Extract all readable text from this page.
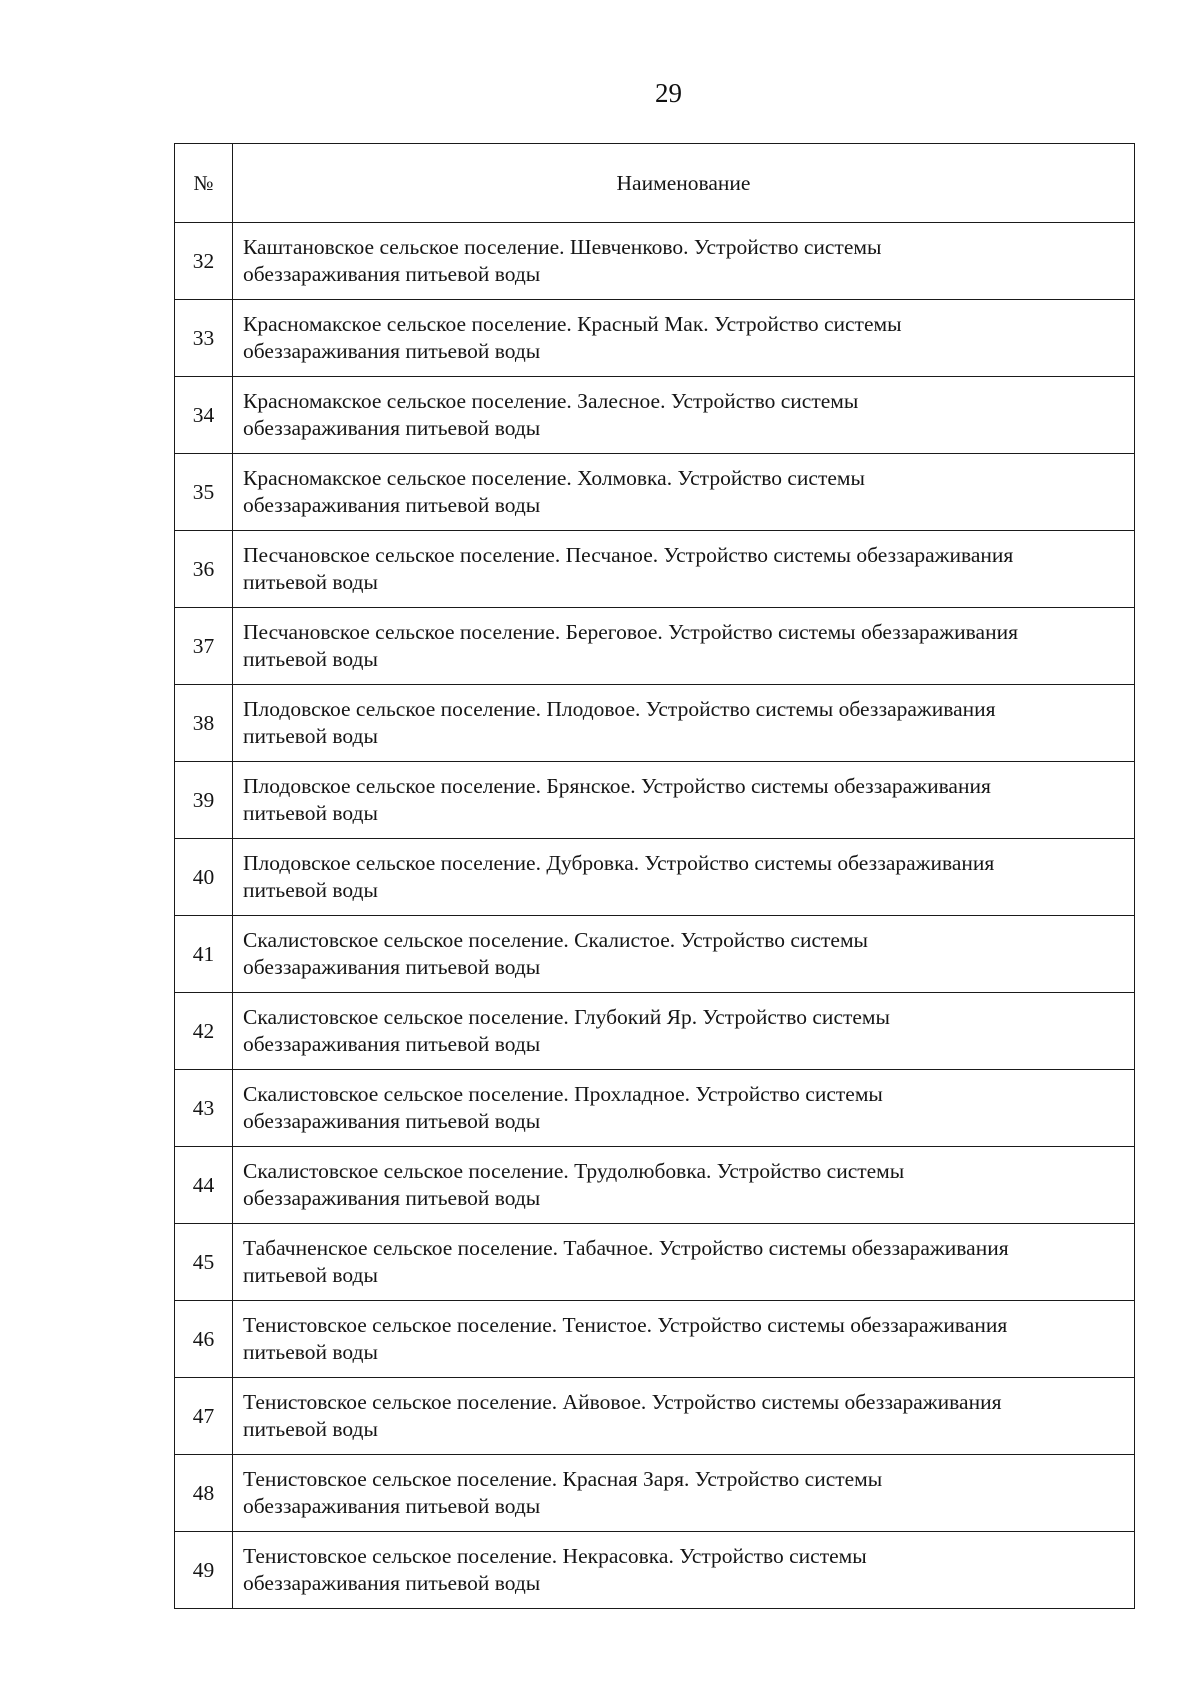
29
№	Наименование
32	Каштановское сельское поселение. Шевченково. Устройство системы
обеззараживания питьевой воды
33	Красномакское сельское поселение. Красный Мак. Устройство системы
обеззараживания питьевой воды
34	Красномакское сельское поселение. Залесное. Устройство системы
обеззараживания питьевой воды
35	Красномакское сельское поселение. Холмовка. Устройство системы
обеззараживания питьевой воды
36	Песчановское сельское поселение. Песчаное. Устройство системы обеззараживания
питьевой воды
37	Песчановское сельское поселение. Береговое. Устройство системы обеззараживания
питьевой воды
38	Плодовское сельское поселение. Плодовое. Устройство системы обеззараживания
питьевой воды
39	Плодовское сельское поселение. Брянское. Устройство системы обеззараживания
питьевой воды
40	Плодовское сельское поселение. Дубровка. Устройство системы обеззараживания
питьевой воды
41	Скалистовское сельское поселение. Скалистое. Устройство системы
обеззараживания питьевой воды
42	Скалистовское сельское поселение. Глубокий Яр. Устройство системы
обеззараживания питьевой воды
43	Скалистовское сельское поселение. Прохладное. Устройство системы
обеззараживания питьевой воды
44	Скалистовское сельское поселение. Трудолюбовка. Устройство системы
обеззараживания питьевой воды
45	Табачненское сельское поселение. Табачное. Устройство системы обеззараживания
питьевой воды
46	Тенистовское сельское поселение. Тенистое. Устройство системы обеззараживания
питьевой воды
47	Тенистовское сельское поселение. Айвовое. Устройство системы обеззараживания
питьевой воды
48	Тенистовское сельское поселение. Красная Заря. Устройство системы
обеззараживания питьевой воды
49	Тенистовское сельское поселение. Некрасовка. Устройство системы
обеззараживания питьевой воды
